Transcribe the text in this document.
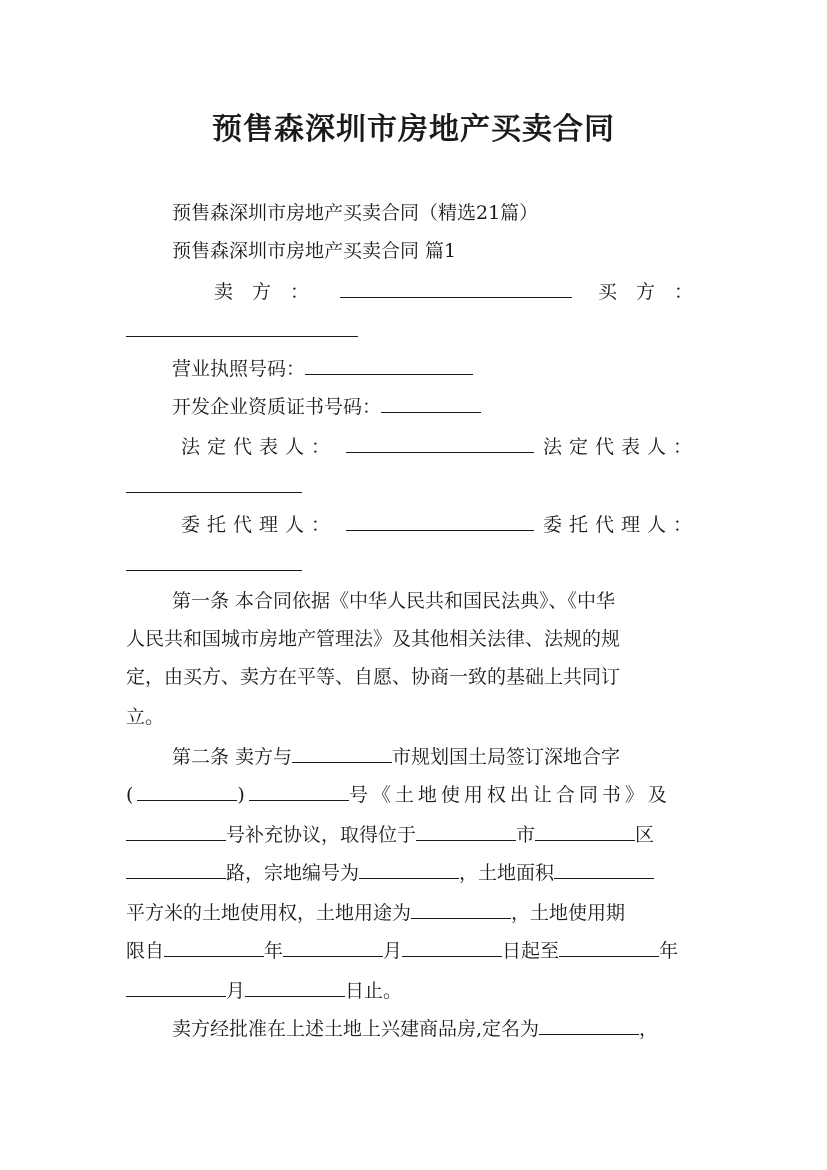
预售森深圳市房地产买卖合同
预售森深圳市房地产买卖合同（精选21篇）
预售森深圳市房地产买卖合同 篇1
卖　方　：	买　方　：
营业执照号码：
开发企业资质证书号码：
法定代表人：	法定代表人：
委托代理人：	委托代理人：
第一条 本合同依据《中华人民共和国民法典》、《中华
人民共和国城市房地产管理法》及其他相关法律、法规的规
定，由买方、卖方在平等、自愿、协商一致的基础上共同订
立。
第二条 卖方与	市规划国土局签订深地合字
(	)	号《土地使用权出让合同书》及
号补充协议，取得位于	市	区
路，宗地编号为	，土地面积
平方米的土地使用权，土地用途为	，土地使用期
限自	年	月	日起至	年
月	日止。
卖方经批准在上述土地上兴建商品房,定名为	，
